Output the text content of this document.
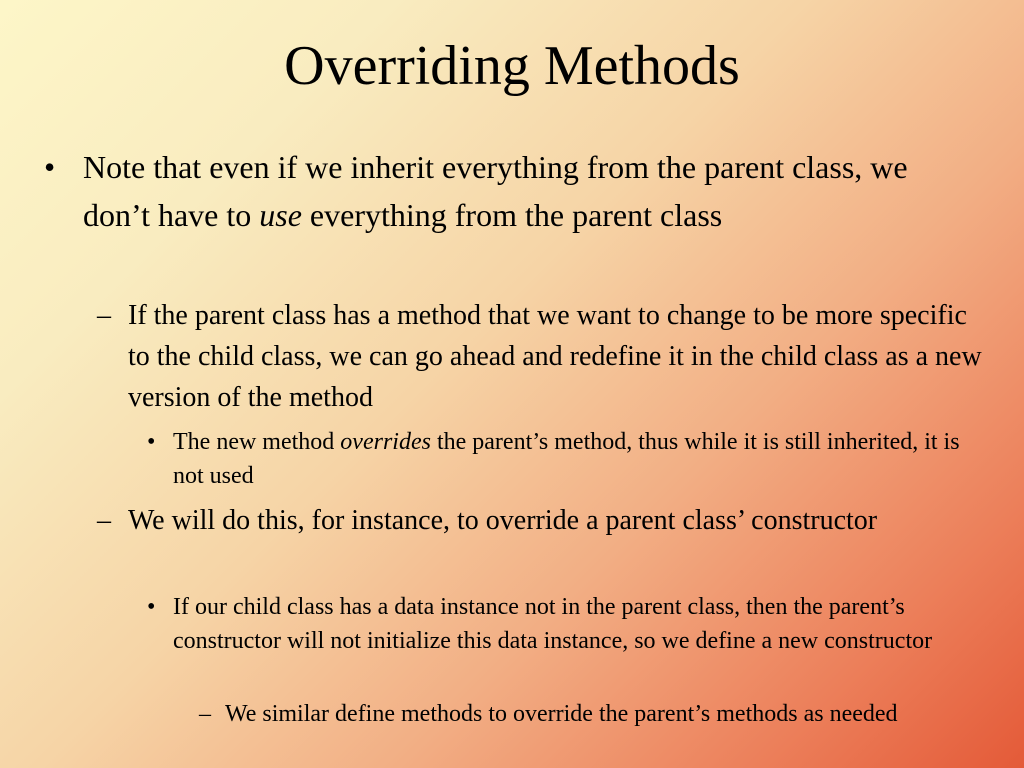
Overriding Methods
• Note that even if we inherit everything from the parent class, we don’t have to use everything from the parent class
– If the parent class has a method that we want to change to be more specific to the child class, we can go ahead and redefine it in the child class as a new version of the method
• The new method overrides the parent’s method, thus while it is still inherited, it is not used
– We will do this, for instance, to override a parent class’ constructor
• If our child class has a data instance not in the parent class, then the parent’s constructor will not initialize this data instance, so we define a new constructor
– We similar define methods to override the parent’s methods as needed
